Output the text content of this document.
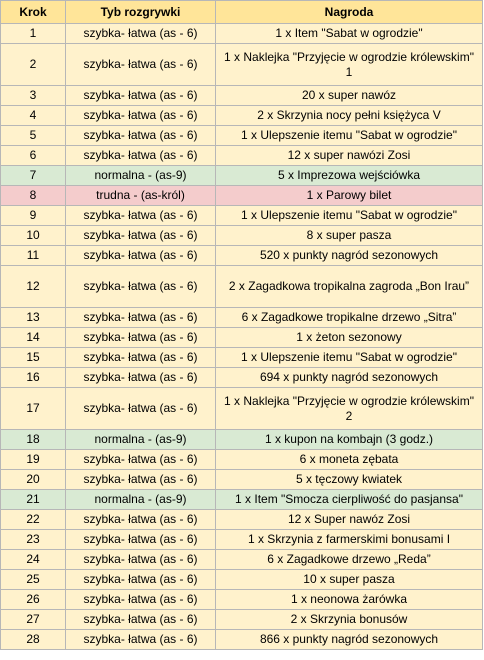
Krok	Tyb rozgrywki	Nagroda
1	szybka- łatwa (as - 6)	1 x Item "Sabat w ogrodzie"
2	szybka- łatwa (as - 6)	1 x Naklejka "Przyjęcie w ogrodzie królewskim" 1
3	szybka- łatwa (as - 6)	20 x super nawóz
4	szybka- łatwa (as - 6)	2 x Skrzynia nocy pełni księżyca V
5	szybka- łatwa (as - 6)	1 x Ulepszenie itemu "Sabat w ogrodzie"
6	szybka- łatwa (as - 6)	12 x super nawózi Zosi
7	normalna - (as-9)	5 x Imprezowa wejściówka
8	trudna - (as-król)	1 x Parowy bilet
9	szybka- łatwa (as - 6)	1 x Ulepszenie itemu "Sabat w ogrodzie"
10	szybka- łatwa (as - 6)	8 x super pasza
11	szybka- łatwa (as - 6)	520 x punkty nagród sezonowych
12	szybka- łatwa (as - 6)	2 x Zagadkowa tropikalna zagroda „Bon Irau”
13	szybka- łatwa (as - 6)	6 x Zagadkowe tropikalne drzewo „Sitra”
14	szybka- łatwa (as - 6)	1 x żeton sezonowy
15	szybka- łatwa (as - 6)	1 x Ulepszenie itemu "Sabat w ogrodzie"
16	szybka- łatwa (as - 6)	694 x punkty nagród sezonowych
17	szybka- łatwa (as - 6)	1 x Naklejka "Przyjęcie w ogrodzie królewskim" 2
18	normalna - (as-9)	1 x kupon na kombajn (3 godz.)
19	szybka- łatwa (as - 6)	6 x moneta zębata
20	szybka- łatwa (as - 6)	5 x tęczowy kwiatek
21	normalna - (as-9)	1 x Item "Smocza cierpliwość do pasjansa"
22	szybka- łatwa (as - 6)	12 x Super nawóz Zosi
23	szybka- łatwa (as - 6)	1 x Skrzynia z farmerskimi bonusami I
24	szybka- łatwa (as - 6)	6 x Zagadkowe drzewo „Reda”
25	szybka- łatwa (as - 6)	10 x super pasza
26	szybka- łatwa (as - 6)	1 x neonowa żarówka
27	szybka- łatwa (as - 6)	2 x Skrzynia bonusów
28	szybka- łatwa (as - 6)	866 x punkty nagród sezonowych
